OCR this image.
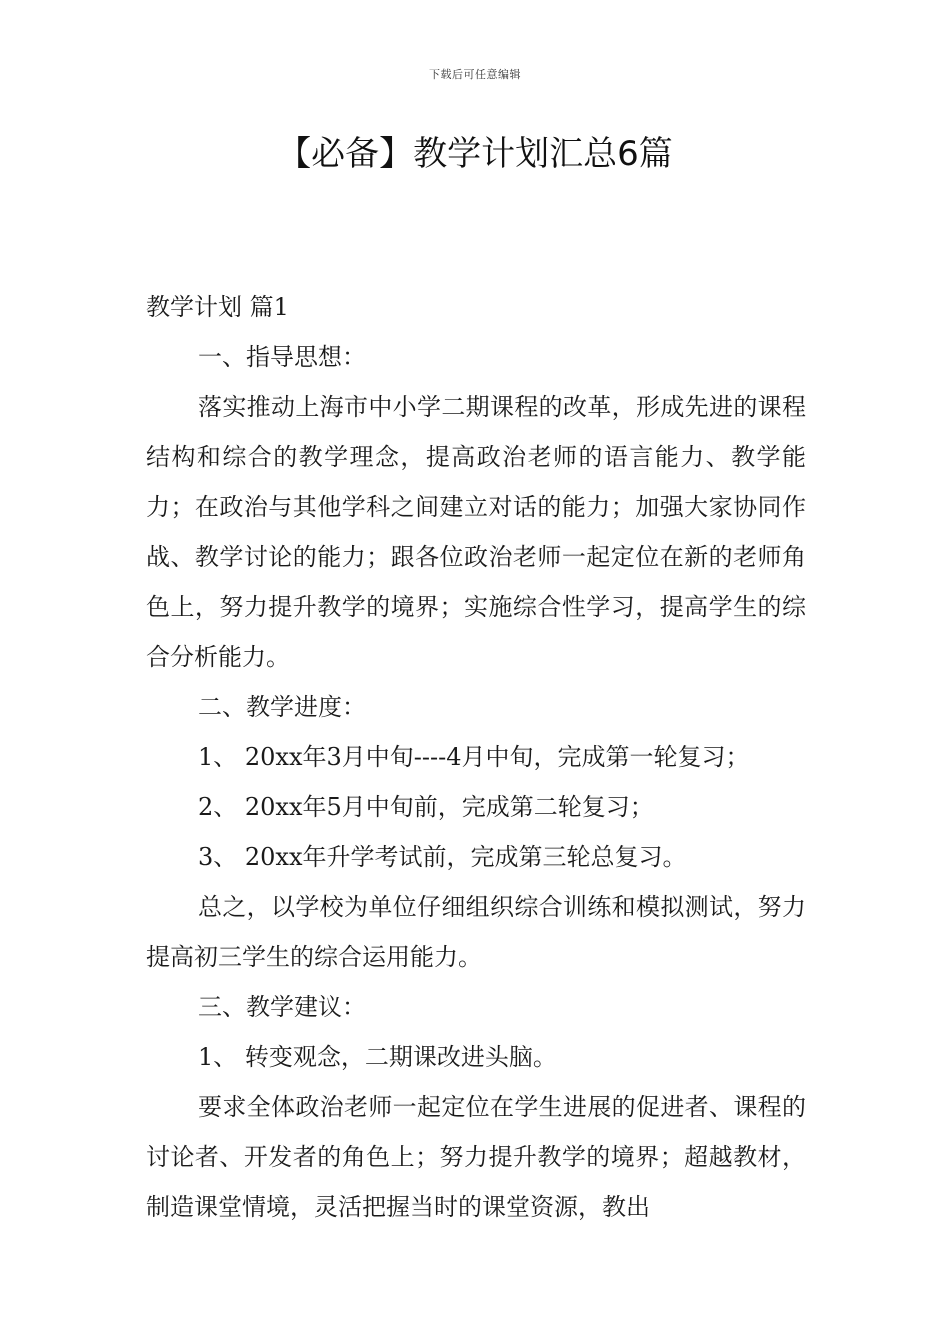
下载后可任意编辑
【必备】教学计划汇总6篇

教学计划 篇1

一、指导思想：

落实推动上海市中小学二期课程的改革，形成先进的课程结构和综合的教学理念，提高政治老师的语言能力、教学能力；在政治与其他学科之间建立对话的能力；加强大家协同作战、教学讨论的能力；跟各位政治老师一起定位在新的老师角色上，努力提升教学的境界；实施综合性学习，提高学生的综合分析能力。

二、教学进度：

1、 20xx年3月中旬----4月中旬，完成第一轮复习；

2、 20xx年5月中旬前，完成第二轮复习；

3、 20xx年升学考试前，完成第三轮总复习。

总之，以学校为单位仔细组织综合训练和模拟测试，努力提高初三学生的综合运用能力。

三、教学建议：

1、 转变观念，二期课改进头脑。

要求全体政治老师一起定位在学生进展的促进者、课程的讨论者、开发者的角色上；努力提升教学的境界；超越教材，制造课堂情境，灵活把握当时的课堂资源，教出
